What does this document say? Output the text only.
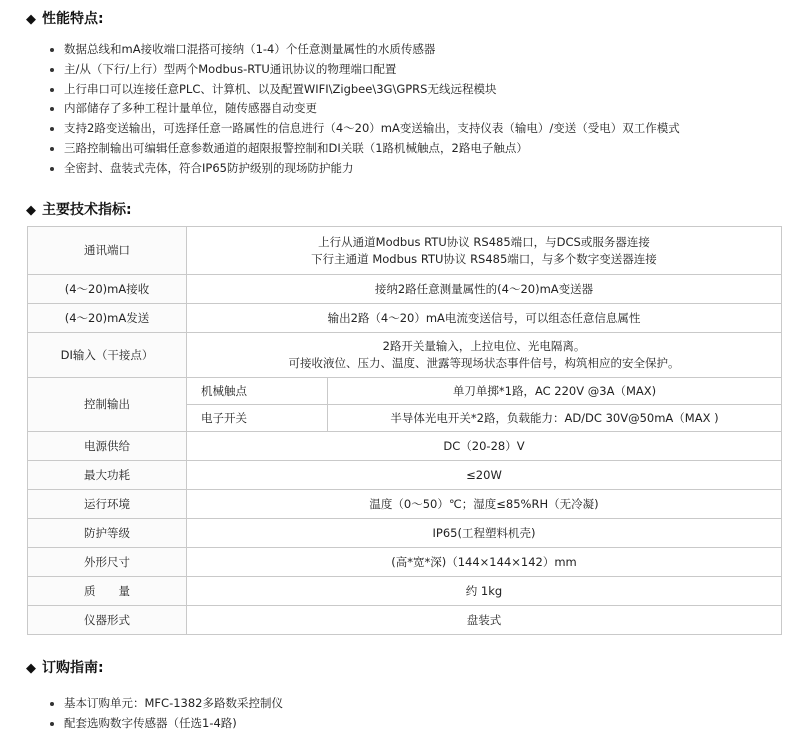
◆ 性能特点:
数据总线和mA接收端口混搭可接纳（1-4）个任意测量属性的水质传感器
主/从（下行/上行）型两个Modbus-RTU通讯协议的物理端口配置
上行串口可以连接任意PLC、计算机、以及配置WIFI\Zigbee\3G\GPRS无线远程模块
内部储存了多种工程计量单位，随传感器自动变更
支持2路变送输出，可选择任意一路属性的信息进行（4～20）mA变送输出，支持仪表（输电）/变送（受电）双工作模式
三路控制输出可编辑任意参数通道的超限报警控制和DI关联（1路机械触点，2路电子触点）
全密封、盘装式壳体，符合IP65防护级别的现场防护能力
◆ 主要技术指标:
通讯端口	上行从通道Modbus RTU协议 RS485端口，与DCS或服务器连接
下行主通道 Modbus RTU协议 RS485端口，与多个数字变送器连接	

(4～20)mA接收	接纳2路任意测量属性的(4～20)mA变送器	
(4～20)mA发送	输出2路（4～20）mA电流变送信号，可以组态任意信息属性	
DI输入（干接点）	2路开关量输入，上拉电位、光电隔离。
可接收液位、压力、温度、泄露等现场状态事件信号，构筑相应的安全保护。	

控制输出	机械触点	单刀单掷*1路，AC 220V @3A（MAX)
	电子开关	半导体光电开关*2路，负载能力：AD/DC 30V@50mA（MAX )
电源供给	DC（20-28）V	
最大功耗	≤20W	
运行环境	温度（0～50）℃；湿度≤85%RH（无冷凝)	
防护等级	IP65(工程塑料机壳)	
外形尺寸	(高*宽*深)（144×144×142）mm	
质　　量	约 1kg	
仪器形式	盘装式	
◆ 订购指南:
基本订购单元：MFC-1382多路数采控制仪
配套选购数字传感器（任选1-4路)
